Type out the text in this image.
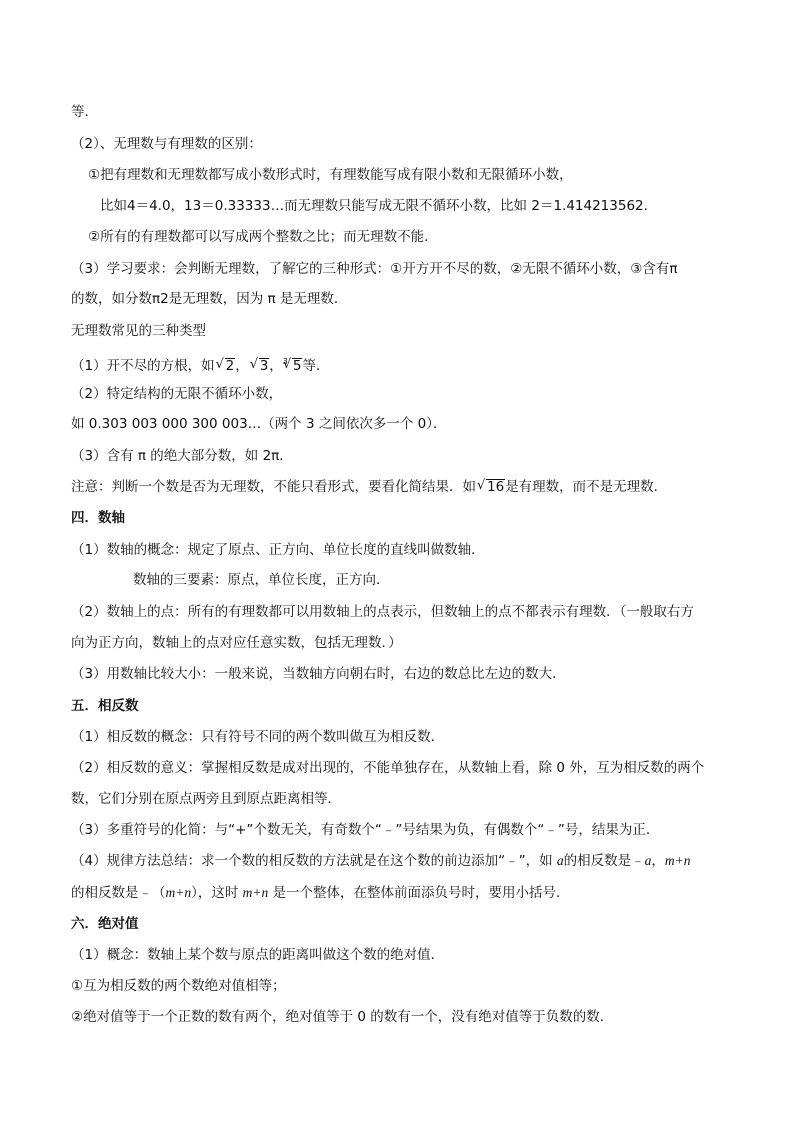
等．
（2）、无理数与有理数的区别：
①把有理数和无理数都写成小数形式时，有理数能写成有限小数和无限循环小数，
比如4＝4.0，13＝0.33333…而无理数只能写成无限不循环小数，比如 2＝1.414213562.
②所有的有理数都可以写成两个整数之比；而无理数不能．
（3）学习要求：会判断无理数，了解它的三种形式：①开方开不尽的数，②无限不循环小数，③含有π
的数，如分数π2是无理数，因为 π 是无理数．
无理数常见的三种类型
（1）开不尽的方根，如 √ 2， √ 3，$^3$ √ 5等．
（2）特定结构的无限不循环小数，
如 0.303 003 000 300 003…（两个 3 之间依次多一个 0）．
（3）含有 π 的绝大部分数，如 2π．
注意：判断一个数是否为无理数，不能只看形式，要看化简结果．如 √ 16是有理数，而不是无理数．
四．数轴
（1）数轴的概念：规定了原点、正方向、单位长度的直线叫做数轴．
数轴的三要素：原点，单位长度，正方向．
（2）数轴上的点：所有的有理数都可以用数轴上的点表示，但数轴上的点不都表示有理数．（一般取右方
向为正方向，数轴上的点对应任意实数，包括无理数．）
（3）用数轴比较大小：一般来说，当数轴方向朝右时，右边的数总比左边的数大．
五．相反数
（1）相反数的概念：只有符号不同的两个数叫做互为相反数．
（2）相反数的意义：掌握相反数是成对出现的，不能单独存在，从数轴上看，除 0 外，互为相反数的两个
数，它们分别在原点两旁且到原点距离相等．
（3）多重符号的化简：与“+”个数无关，有奇数个“﹣”号结果为负，有偶数个“﹣”号，结果为正．
（4）规律方法总结：求一个数的相反数的方法就是在这个数的前边添加“﹣”，如 a的相反数是﹣a，m+n
的相反数是﹣（m+n），这时 m+n 是一个整体，在整体前面添负号时，要用小括号．
六．绝对值
（1）概念：数轴上某个数与原点的距离叫做这个数的绝对值．
①互为相反数的两个数绝对值相等；
②绝对值等于一个正数的数有两个，绝对值等于 0 的数有一个，没有绝对值等于负数的数．
